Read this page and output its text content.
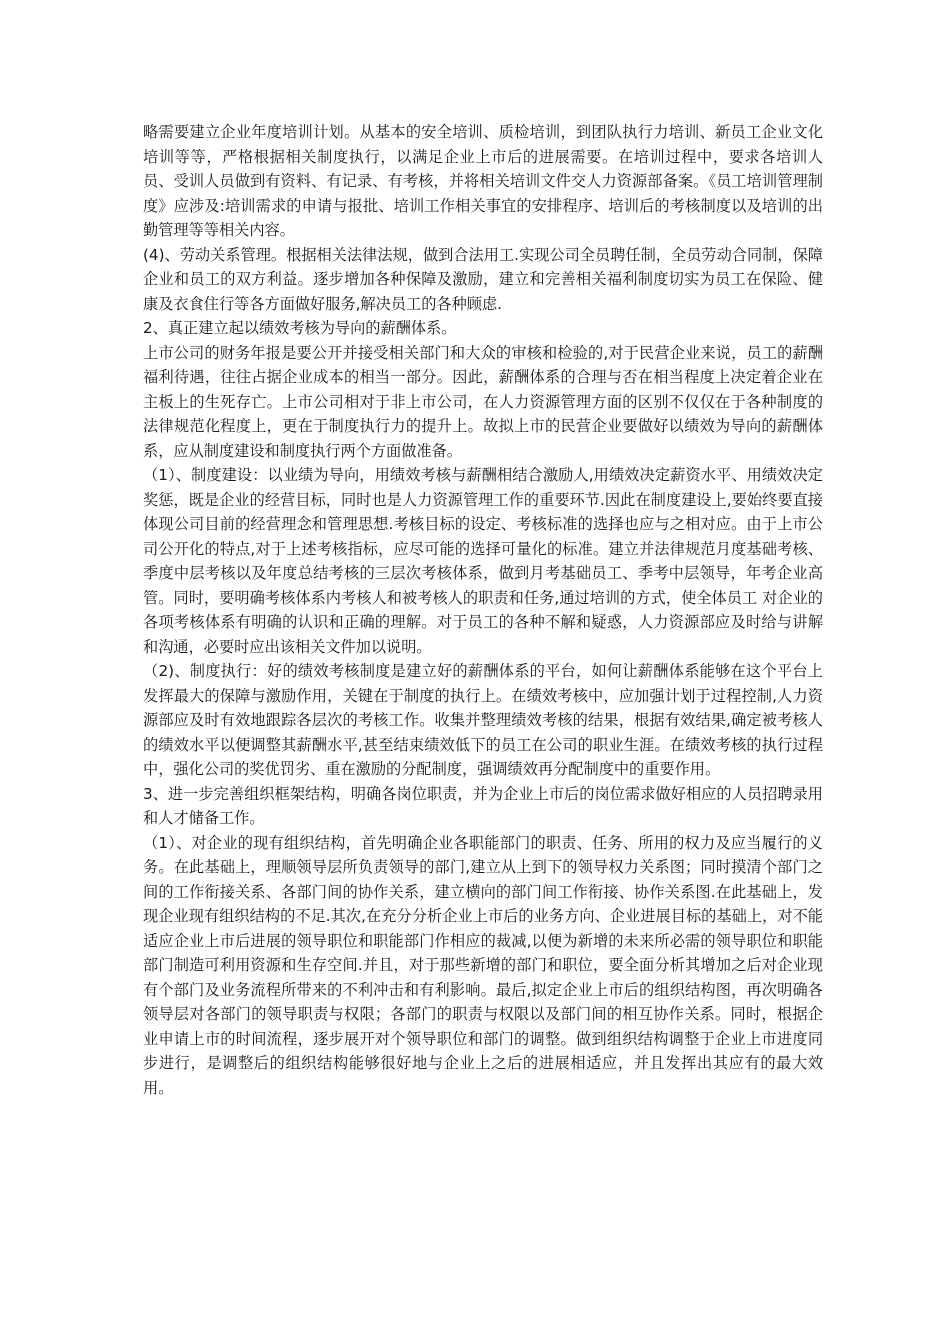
略需要建立企业年度培训计划。从基本的安全培训、质检培训，到团队执行力培训、新员工企业文化培训等等，严格根据相关制度执行，以满足企业上市后的进展需要。在培训过程中，要求各培训人员、受训人员做到有资料、有记录、有考核，并将相关培训文件交人力资源部备案。《员工培训管理制度》应涉及:培训需求的申请与报批、培训工作相关事宜的安排程序、培训后的考核制度以及培训的出勤管理等等相关内容。

(4)、劳动关系管理。根据相关法律法规，做到合法用工.实现公司全员聘任制，全员劳动合同制，保障企业和员工的双方利益。逐步增加各种保障及激励，建立和完善相关福利制度切实为员工在保险、健康及衣食住行等各方面做好服务,解决员工的各种顾虑.

2、真正建立起以绩效考核为导向的薪酬体系。

上市公司的财务年报是要公开并接受相关部门和大众的审核和检验的,对于民营企业来说，员工的薪酬福利待遇，往往占据企业成本的相当一部分。因此，薪酬体系的合理与否在相当程度上决定着企业在主板上的生死存亡。上市公司相对于非上市公司，在人力资源管理方面的区别不仅仅在于各种制度的法律规范化程度上，更在于制度执行力的提升上。故拟上市的民营企业要做好以绩效为导向的薪酬体系，应从制度建设和制度执行两个方面做准备。

（1）、制度建设：以业绩为导向，用绩效考核与薪酬相结合激励人,用绩效决定薪资水平、用绩效决定奖惩，既是企业的经营目标，同时也是人力资源管理工作的重要环节.因此在制度建设上,要始终要直接体现公司目前的经营理念和管理思想.考核目标的设定、考核标准的选择也应与之相对应。由于上市公司公开化的特点,对于上述考核指标，应尽可能的选择可量化的标准。建立并法律规范月度基础考核、季度中层考核以及年度总结考核的三层次考核体系，做到月考基础员工、季考中层领导，年考企业高管。同时，要明确考核体系内考核人和被考核人的职责和任务,通过培训的方式，使全体员工 对企业的各项考核体系有明确的认识和正确的理解。对于员工的各种不解和疑惑，人力资源部应及时给与讲解和沟通，必要时应出该相关文件加以说明。

（2)、制度执行：好的绩效考核制度是建立好的薪酬体系的平台，如何让薪酬体系能够在这个平台上发挥最大的保障与激励作用，关键在于制度的执行上。在绩效考核中，应加强计划于过程控制,人力资源部应及时有效地跟踪各层次的考核工作。收集并整理绩效考核的结果，根据有效结果,确定被考核人的绩效水平以便调整其薪酬水平,甚至结束绩效低下的员工在公司的职业生涯。在绩效考核的执行过程中，强化公司的奖优罚劣、重在激励的分配制度，强调绩效再分配制度中的重要作用。

3、进一步完善组织框架结构，明确各岗位职责，并为企业上市后的岗位需求做好相应的人员招聘录用和人才储备工作。

（1）、对企业的现有组织结构，首先明确企业各职能部门的职责、任务、所用的权力及应当履行的义务。在此基础上，理顺领导层所负责领导的部门,建立从上到下的领导权力关系图；同时摸清个部门之间的工作衔接关系、各部门间的协作关系，建立横向的部门间工作衔接、协作关系图.在此基础上，发现企业现有组织结构的不足.其次,在充分分析企业上市后的业务方向、企业进展目标的基础上，对不能适应企业上市后进展的领导职位和职能部门作相应的裁减,以便为新增的未来所必需的领导职位和职能部门制造可利用资源和生存空间.并且，对于那些新增的部门和职位，要全面分析其增加之后对企业现有个部门及业务流程所带来的不利冲击和有利影响。最后,拟定企业上市后的组织结构图，再次明确各领导层对各部门的领导职责与权限；各部门的职责与权限以及部门间的相互协作关系。同时，根据企业申请上市的时间流程，逐步展开对个领导职位和部门的调整。做到组织结构调整于企业上市进度同步进行，是调整后的组织结构能够很好地与企业上之后的进展相适应，并且发挥出其应有的最大效用。
